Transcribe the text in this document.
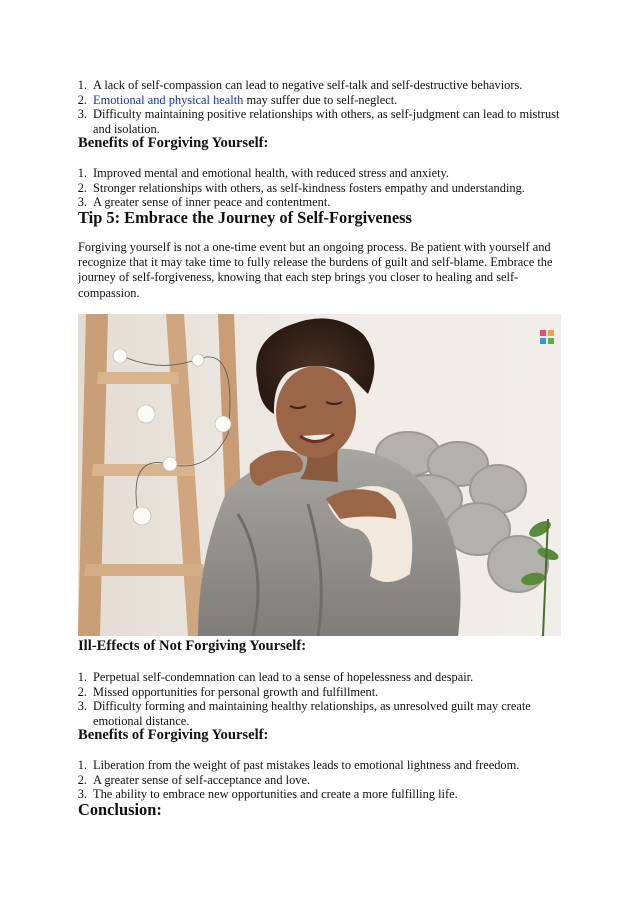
1. A lack of self-compassion can lead to negative self-talk and self-destructive behaviors.
2. Emotional and physical health may suffer due to self-neglect.
3. Difficulty maintaining positive relationships with others, as self-judgment can lead to mistrust and isolation.
Benefits of Forgiving Yourself:
1. Improved mental and emotional health, with reduced stress and anxiety.
2. Stronger relationships with others, as self-kindness fosters empathy and understanding.
3. A greater sense of inner peace and contentment.
Tip 5: Embrace the Journey of Self-Forgiveness

Forgiving yourself is not a one-time event but an ongoing process. Be patient with yourself and recognize that it may take time to fully release the burdens of guilt and self-blame. Embrace the journey of self-forgiveness, knowing that each step brings you closer to healing and self-compassion.

Ill-Effects of Not Forgiving Yourself:
1. Perpetual self-condemnation can lead to a sense of hopelessness and despair.
2. Missed opportunities for personal growth and fulfillment.
3. Difficulty forming and maintaining healthy relationships, as unresolved guilt may create emotional distance.
Benefits of Forgiving Yourself:
1. Liberation from the weight of past mistakes leads to emotional lightness and freedom.
2. A greater sense of self-acceptance and love.
3. The ability to embrace new opportunities and create a more fulfilling life.
Conclusion:
